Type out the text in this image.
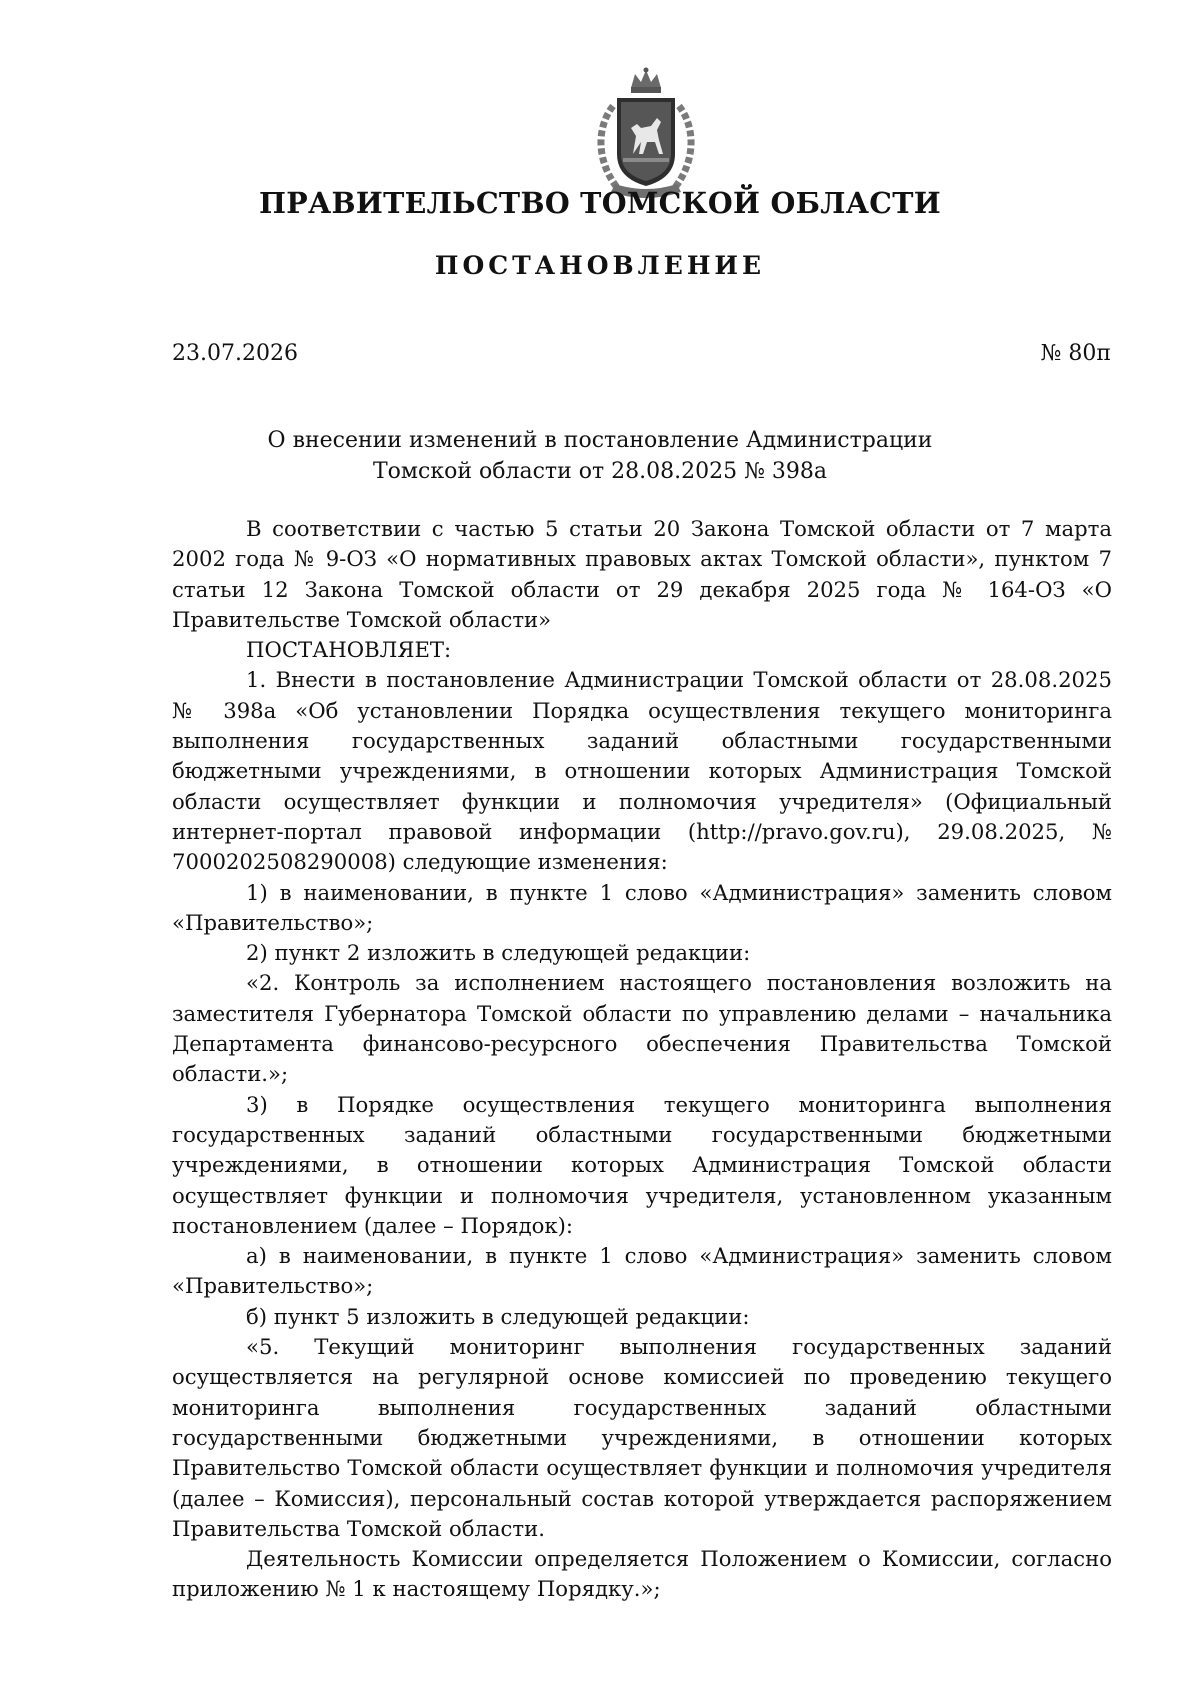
ПРАВИТЕЛЬСТВО ТОМСКОЙ ОБЛАСТИ
ПОСТАНОВЛЕНИЕ
23.07.2026	№ 80п
О внесении изменений в постановление Администрации
Томской области от 28.08.2025 № 398а

В соответствии с частью 5 статьи 20 Закона Томской области от 7 марта 2002 года № 9-ОЗ «О нормативных правовых актах Томской области», пунктом 7 статьи 12 Закона Томской области от 29 декабря 2025 года № 164-ОЗ «О Правительстве Томской области»

ПОСТАНОВЛЯЕТ:

1. Внести в постановление Администрации Томской области от 28.08.2025 № 398а «Об установлении Порядка осуществления текущего мониторинга выполнения государственных заданий областными государственными бюджетными учреждениями, в отношении которых Администрация Томской области осуществляет функции и полномочия учредителя» (Официальный интернет-портал правовой информации (http://pravo.gov.ru), 29.08.2025, № 7000202508290008) следующие изменения:

1) в наименовании, в пункте 1 слово «Администрация» заменить словом «Правительство»;

2) пункт 2 изложить в следующей редакции:

«2. Контроль за исполнением настоящего постановления возложить на заместителя Губернатора Томской области по управлению делами – начальника Департамента финансово-ресурсного обеспечения Правительства Томской области.»;

3) в Порядке осуществления текущего мониторинга выполнения государственных заданий областными государственными бюджетными учреждениями, в отношении которых Администрация Томской области осуществляет функции и полномочия учредителя, установленном указанным постановлением (далее – Порядок):

а) в наименовании, в пункте 1 слово «Администрация» заменить словом «Правительство»;

б) пункт 5 изложить в следующей редакции:

«5. Текущий мониторинг выполнения государственных заданий осуществляется на регулярной основе комиссией по проведению текущего мониторинга выполнения государственных заданий областными государственными бюджетными учреждениями, в отношении которых Правительство Томской области осуществляет функции и полномочия учредителя (далее – Комиссия), персональный состав которой утверждается распоряжением Правительства Томской области.

Деятельность Комиссии определяется Положением о Комиссии, согласно приложению № 1 к настоящему Порядку.»;
